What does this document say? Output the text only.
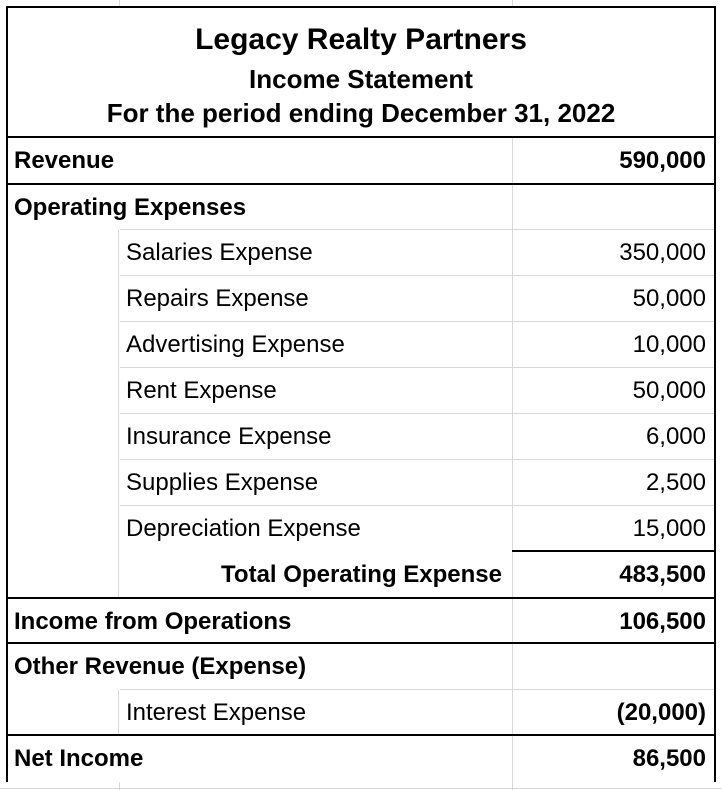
Legacy Realty Partners
Income Statement
For the period ending December 31, 2022
Revenue	590,000
Operating Expenses
Salaries Expense	350,000
Repairs Expense	50,000
Advertising Expense	10,000
Rent Expense	50,000
Insurance Expense	6,000
Supplies Expense	2,500
Depreciation Expense	15,000
Total Operating Expense	483,500
Income from Operations	106,500
Other Revenue (Expense)
Interest Expense	(20,000)
Net Income	86,500
